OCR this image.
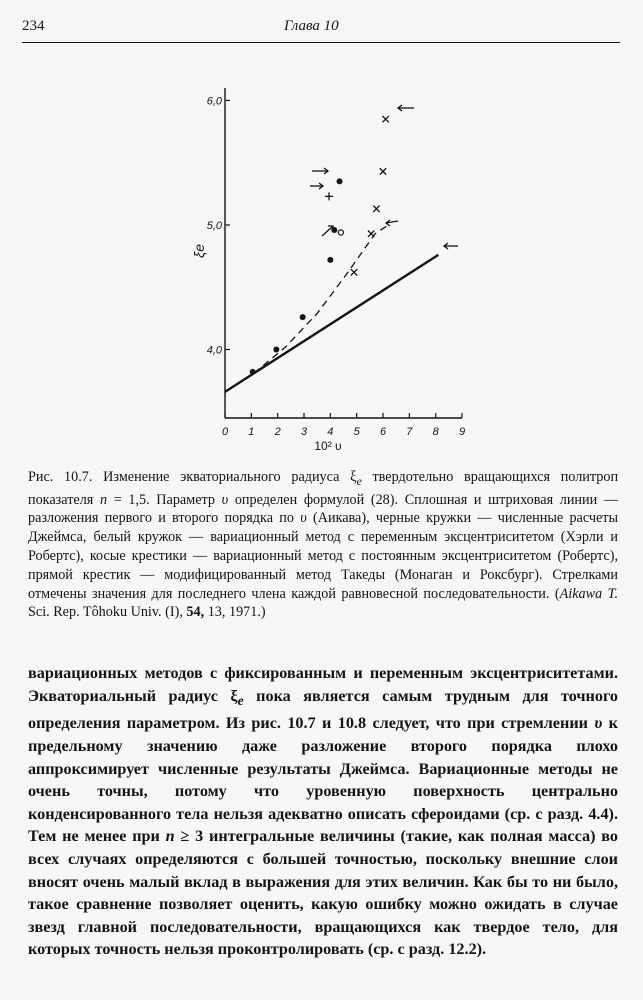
234	Глава 10
0 1 2 3 4 5 6 7 8 9
4,0
5,0
6,0
ξe
10² υ

Рис. 10.7. Изменение экваториального радиуса $\xi_e$ твердотельно вращающихся политроп показателя n = 1,5. Параметр υ определен формулой (28). Сплошная и штриховая линии — разложения первого и второго порядка по υ (Аикава), черные кружки — численные расчеты Джеймса, белый кружок — вариационный метод с переменным эксцентриситетом (Хэрли и Робертс), косые крестики — вариационный метод с постоянным эксцентриситетом (Робертс), прямой крестик — модифицированный метод Такеды (Монаган и Роксбург). Стрелками отмечены значения для последнего члена каждой равновесной последовательности. (Aikawa T. Sci. Rep. Tôhoku Univ. (I), 54, 13, 1971.)

вариационных методов с фиксированным и переменным эксцентриситетами. Экваториальный радиус $\xi_e$ пока является самым трудным для точного определения параметром. Из рис. 10.7 и 10.8 следует, что при стремлении υ к предельному значению даже разложение второго порядка плохо аппроксимирует численные результаты Джеймса. Вариационные методы не очень точны, потому что уровенную поверхность центрально конденсированного тела нельзя адекватно описать сфероидами (ср. с разд. 4.4). Тем не менее при n ≥ 3 интегральные величины (такие, как полная масса) во всех случаях определяются с большей точностью, поскольку внешние слои вносят очень малый вклад в выражения для этих величин. Как бы то ни было, такое сравнение позволяет оценить, какую ошибку можно ожидать в случае звезд главной последовательности, вращающихся как твердое тело, для которых точность нельзя проконтролировать (ср. с разд. 12.2).
